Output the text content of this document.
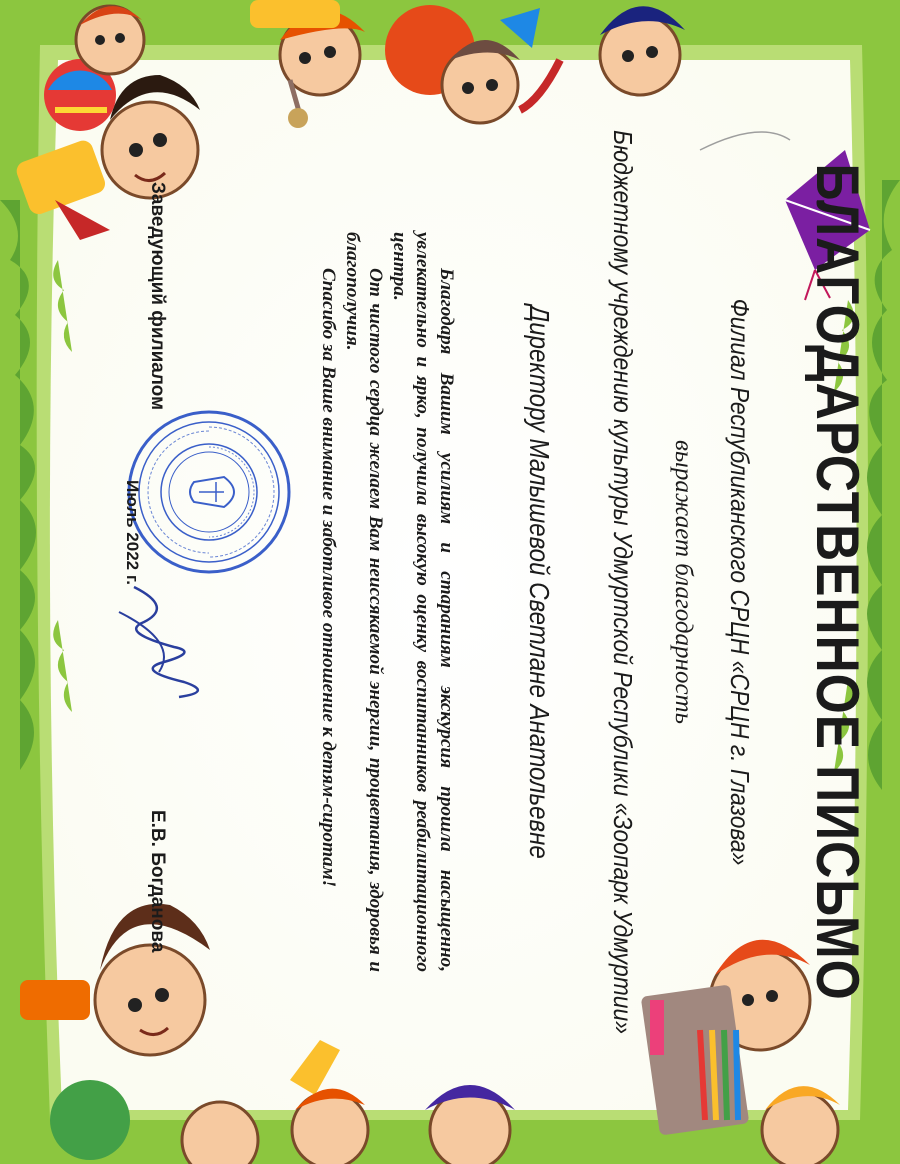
БЛАГОДАРСТВЕННОЕ ПИСЬМО
Филиал Республиканского СРЦН «СРЦН г. Глазова»
выражает благодарность
Бюджетному учреждению культуры Удмуртской Республики «Зоопарк Удмуртии»
Директору Малышевой Светлане Анатольевне

Благодаря Вашим усилиям и стараниям экскурсия прошла насыщенно, увлекательно и ярко, получила высокую оценку воспитанников реабилитационного центра.

От чистого сердца желаем Вам неиссякаемой энергии, процветания, здоровья и благополучия.

Спасибо за Ваше внимание и заботливое отношение к детям-сиротам!

Заведующий филиалом
Е.В. Богданова
Июль 2022 г.
